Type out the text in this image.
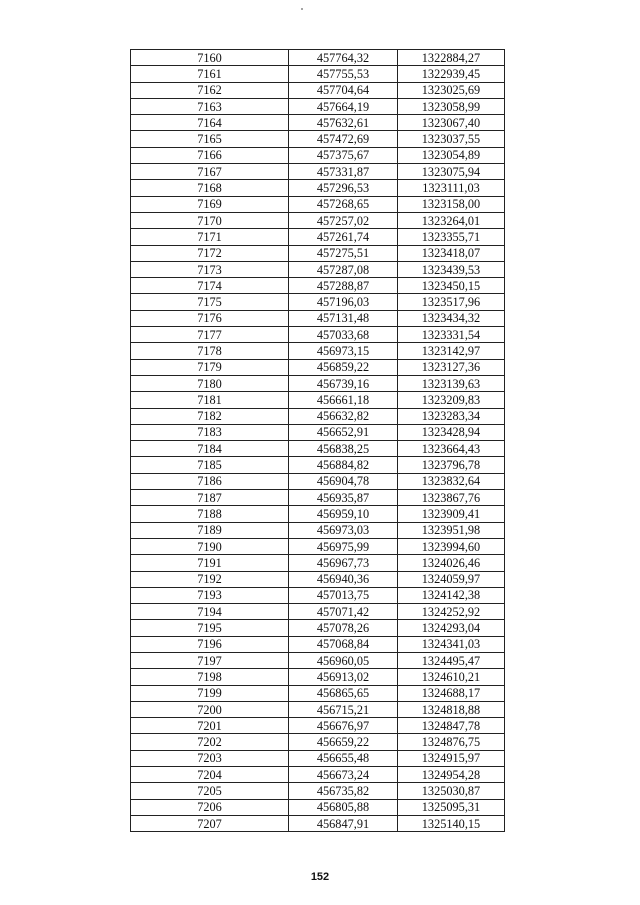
7160	457764,32	1322884,27
7161	457755,53	1322939,45
7162	457704,64	1323025,69
7163	457664,19	1323058,99
7164	457632,61	1323067,40
7165	457472,69	1323037,55
7166	457375,67	1323054,89
7167	457331,87	1323075,94
7168	457296,53	1323111,03
7169	457268,65	1323158,00
7170	457257,02	1323264,01
7171	457261,74	1323355,71
7172	457275,51	1323418,07
7173	457287,08	1323439,53
7174	457288,87	1323450,15
7175	457196,03	1323517,96
7176	457131,48	1323434,32
7177	457033,68	1323331,54
7178	456973,15	1323142,97
7179	456859,22	1323127,36
7180	456739,16	1323139,63
7181	456661,18	1323209,83
7182	456632,82	1323283,34
7183	456652,91	1323428,94
7184	456838,25	1323664,43
7185	456884,82	1323796,78
7186	456904,78	1323832,64
7187	456935,87	1323867,76
7188	456959,10	1323909,41
7189	456973,03	1323951,98
7190	456975,99	1323994,60
7191	456967,73	1324026,46
7192	456940,36	1324059,97
7193	457013,75	1324142,38
7194	457071,42	1324252,92
7195	457078,26	1324293,04
7196	457068,84	1324341,03
7197	456960,05	1324495,47
7198	456913,02	1324610,21
7199	456865,65	1324688,17
7200	456715,21	1324818,88
7201	456676,97	1324847,78
7202	456659,22	1324876,75
7203	456655,48	1324915,97
7204	456673,24	1324954,28
7205	456735,82	1325030,87
7206	456805,88	1325095,31
7207	456847,91	1325140,15
152
